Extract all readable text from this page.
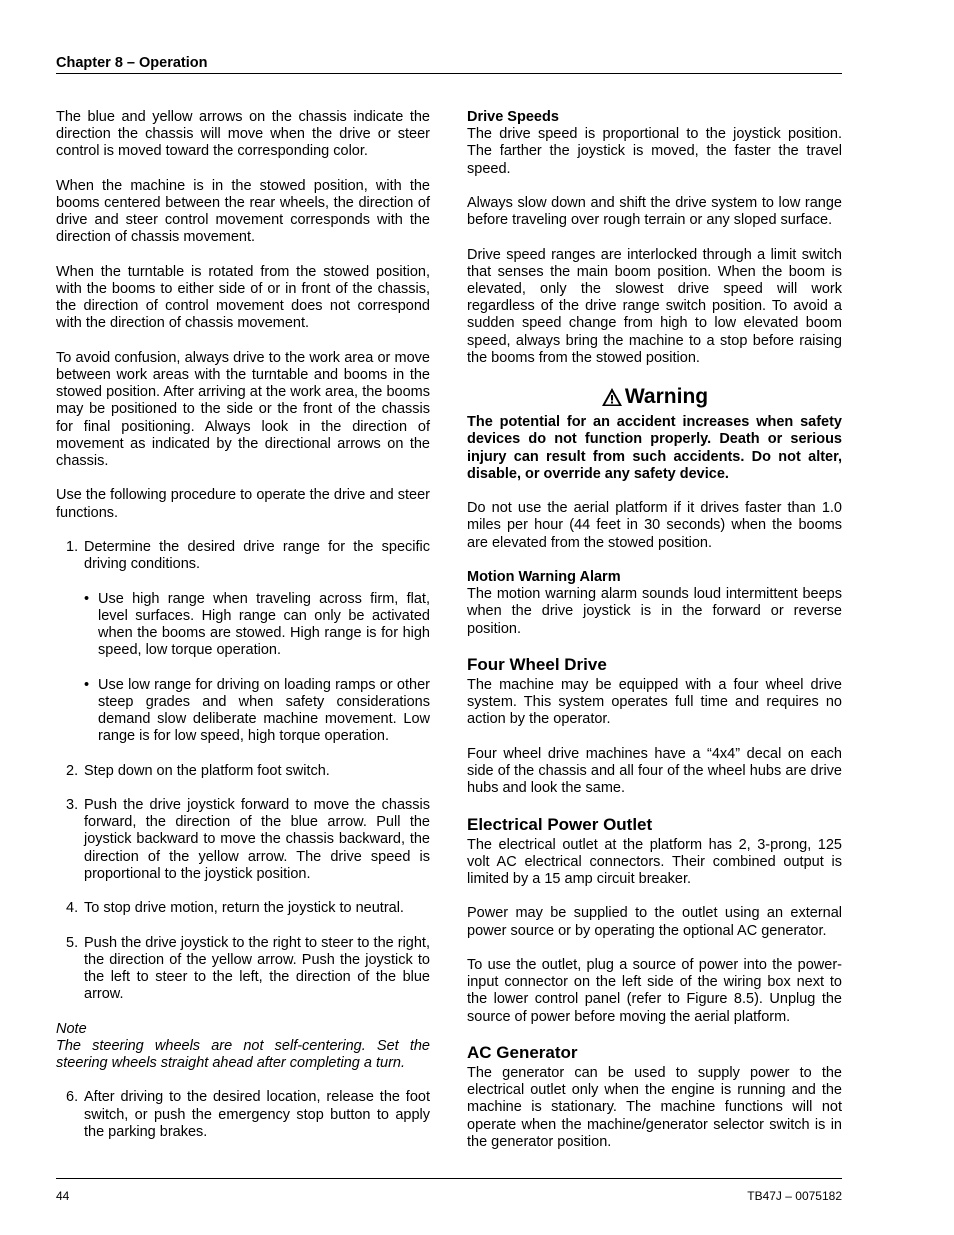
Chapter 8 – Operation

The blue and yellow arrows on the chassis indicate the direction the chassis will move when the drive or steer control is moved toward the corresponding color.

When the machine is in the stowed position, with the booms centered between the rear wheels, the direction of drive and steer control movement corresponds with the direction of chassis movement.

When the turntable is rotated from the stowed position, with the booms to either side of or in front of the chassis, the direction of control movement does not correspond with the direction of chassis movement.

To avoid confusion, always drive to the work area or move between work areas with the turntable and booms in the stowed position. After arriving at the work area, the booms may be positioned to the side or the front of the chassis for final positioning. Always look in the direction of movement as indicated by the directional arrows on the chassis.

Use the following procedure to operate the drive and steer functions.

1. Determine the desired drive range for the specific driving conditions.
• Use high range when traveling across firm, flat, level surfaces. High range can only be activated when the booms are stowed. High range is for high speed, low torque operation.
• Use low range for driving on loading ramps or other steep grades and when safety considerations demand slow deliberate machine movement. Low range is for low speed, high torque operation.
2. Step down on the platform foot switch.
3. Push the drive joystick forward to move the chassis forward, the direction of the blue arrow. Pull the joystick backward to move the chassis backward, the direction of the yellow arrow. The drive speed is proportional to the joystick position.
4. To stop drive motion, return the joystick to neutral.
5. Push the drive joystick to the right to steer to the right, the direction of the yellow arrow. Push the joystick to the left to steer to the left, the direction of the blue arrow.

Note

The steering wheels are not self-centering. Set the steering wheels straight ahead after completing a turn.

6. After driving to the desired location, release the foot switch, or push the emergency stop button to apply the parking brakes.

Drive Speeds

The drive speed is proportional to the joystick position. The farther the joystick is moved, the faster the travel speed.

Always slow down and shift the drive system to low range before traveling over rough terrain or any sloped surface.

Drive speed ranges are interlocked through a limit switch that senses the main boom position. When the boom is elevated, only the slowest drive speed will work regardless of the drive range switch position. To avoid a sudden speed change from high to low elevated boom speed, always bring the machine to a stop before raising the booms from the stowed position.

Warning

The potential for an accident increases when safety devices do not function properly. Death or serious injury can result from such accidents. Do not alter, disable, or override any safety device.

Do not use the aerial platform if it drives faster than 1.0 miles per hour (44 feet in 30 seconds) when the booms are elevated from the stowed position.

Motion Warning Alarm

The motion warning alarm sounds loud intermittent beeps when the drive joystick is in the forward or reverse position.

Four Wheel Drive

The machine may be equipped with a four wheel drive system. This system operates full time and requires no action by the operator.

Four wheel drive machines have a “4x4” decal on each side of the chassis and all four of the wheel hubs are drive hubs and look the same.

Electrical Power Outlet

The electrical outlet at the platform has 2, 3-prong, 125 volt AC electrical connectors. Their combined output is limited by a 15 amp circuit breaker.

Power may be supplied to the outlet using an external power source or by operating the optional AC generator.

To use the outlet, plug a source of power into the power-input connector on the left side of the wiring box next to the lower control panel (refer to Figure 8.5). Unplug the source of power before moving the aerial platform.

AC Generator

The generator can be used to supply power to the electrical outlet only when the engine is running and the machine is stationary. The machine functions will not operate when the machine/generator selector switch is in the generator position.

44	TB47J – 0075182
